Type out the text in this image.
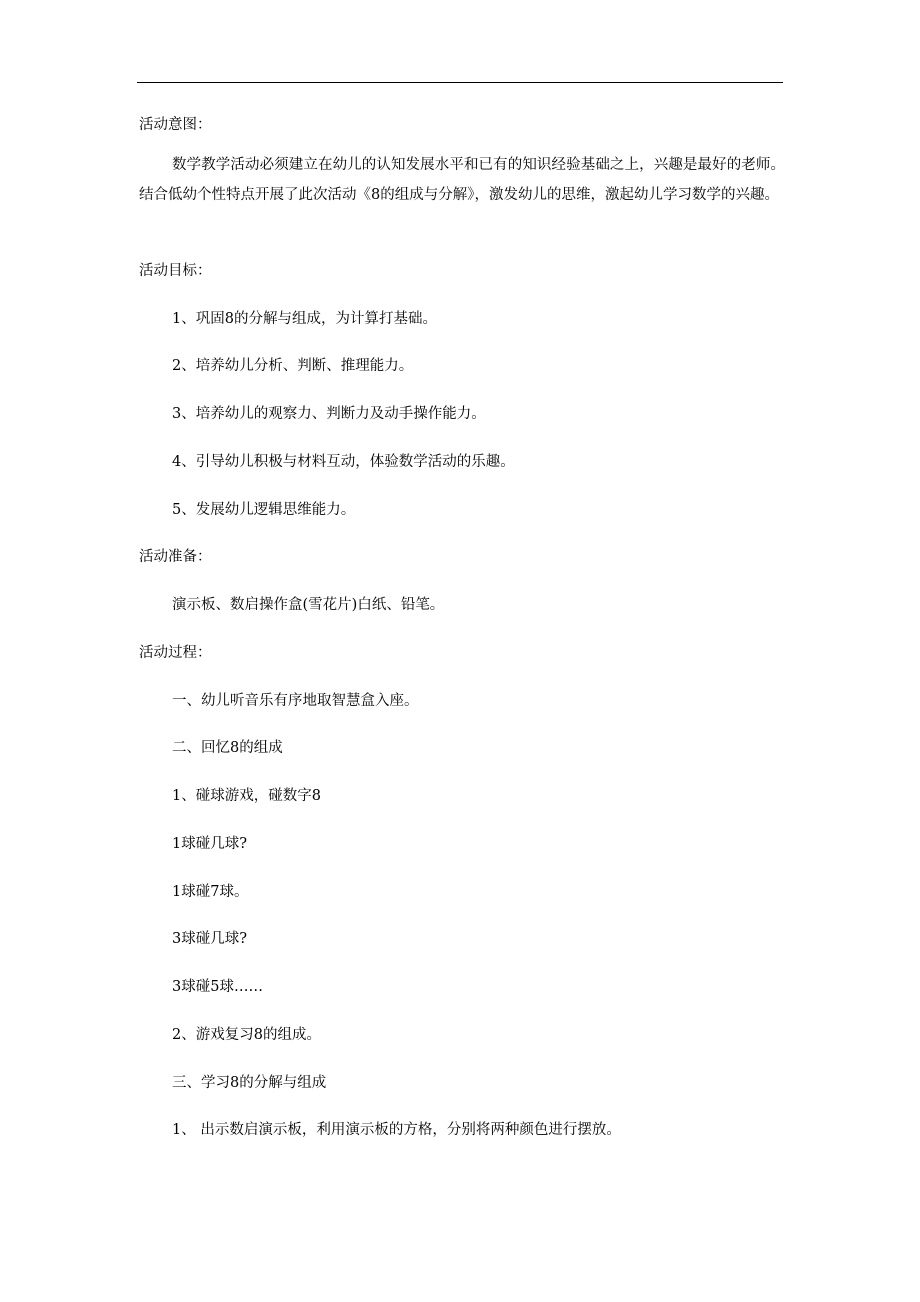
活动意图：

数学教学活动必须建立在幼儿的认知发展水平和已有的知识经验基础之上，兴趣是最好的老师。结合低幼个性特点开展了此次活动《8的组成与分解》，激发幼儿的思维，激起幼儿学习数学的兴趣。

活动目标：

1、巩固8的分解与组成，为计算打基础。

2、培养幼儿分析、判断、推理能力。

3、培养幼儿的观察力、判断力及动手操作能力。

4、引导幼儿积极与材料互动，体验数学活动的乐趣。

5、发展幼儿逻辑思维能力。

活动准备：

演示板、数启操作盒(雪花片)白纸、铅笔。

活动过程：

一、幼儿听音乐有序地取智慧盒入座。

二、回忆8的组成

1、碰球游戏，碰数字8

1球碰几球?

1球碰7球。

3球碰几球?

3球碰5球……

2、游戏复习8的组成。

三、学习8的分解与组成

1、 出示数启演示板，利用演示板的方格，分别将两种颜色进行摆放。
